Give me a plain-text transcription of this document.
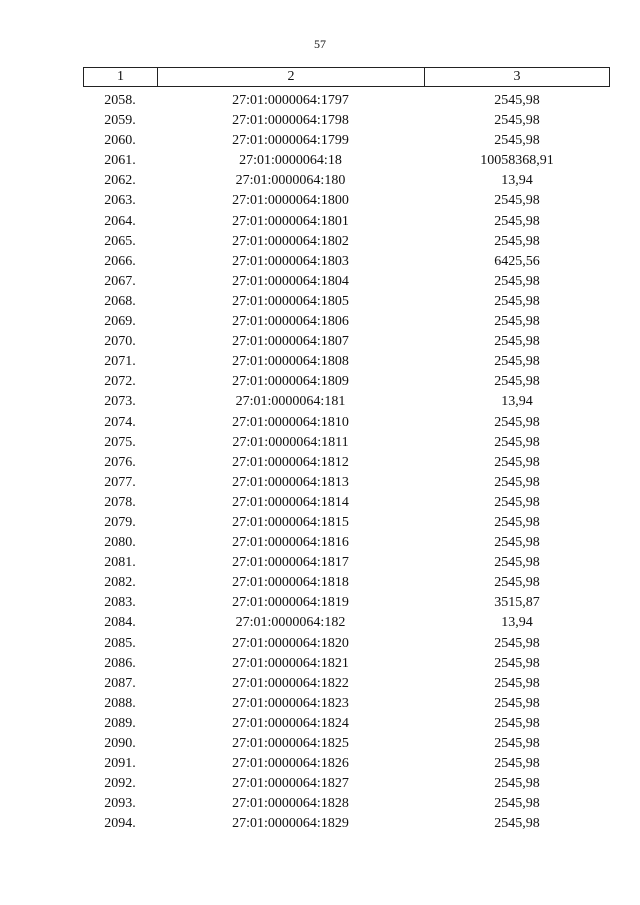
57
1	2	3
2058.	27:01:0000064:1797	2545,98
2059.	27:01:0000064:1798	2545,98
2060.	27:01:0000064:1799	2545,98
2061.	27:01:0000064:18	10058368,91
2062.	27:01:0000064:180	13,94
2063.	27:01:0000064:1800	2545,98
2064.	27:01:0000064:1801	2545,98
2065.	27:01:0000064:1802	2545,98
2066.	27:01:0000064:1803	6425,56
2067.	27:01:0000064:1804	2545,98
2068.	27:01:0000064:1805	2545,98
2069.	27:01:0000064:1806	2545,98
2070.	27:01:0000064:1807	2545,98
2071.	27:01:0000064:1808	2545,98
2072.	27:01:0000064:1809	2545,98
2073.	27:01:0000064:181	13,94
2074.	27:01:0000064:1810	2545,98
2075.	27:01:0000064:1811	2545,98
2076.	27:01:0000064:1812	2545,98
2077.	27:01:0000064:1813	2545,98
2078.	27:01:0000064:1814	2545,98
2079.	27:01:0000064:1815	2545,98
2080.	27:01:0000064:1816	2545,98
2081.	27:01:0000064:1817	2545,98
2082.	27:01:0000064:1818	2545,98
2083.	27:01:0000064:1819	3515,87
2084.	27:01:0000064:182	13,94
2085.	27:01:0000064:1820	2545,98
2086.	27:01:0000064:1821	2545,98
2087.	27:01:0000064:1822	2545,98
2088.	27:01:0000064:1823	2545,98
2089.	27:01:0000064:1824	2545,98
2090.	27:01:0000064:1825	2545,98
2091.	27:01:0000064:1826	2545,98
2092.	27:01:0000064:1827	2545,98
2093.	27:01:0000064:1828	2545,98
2094.	27:01:0000064:1829	2545,98
